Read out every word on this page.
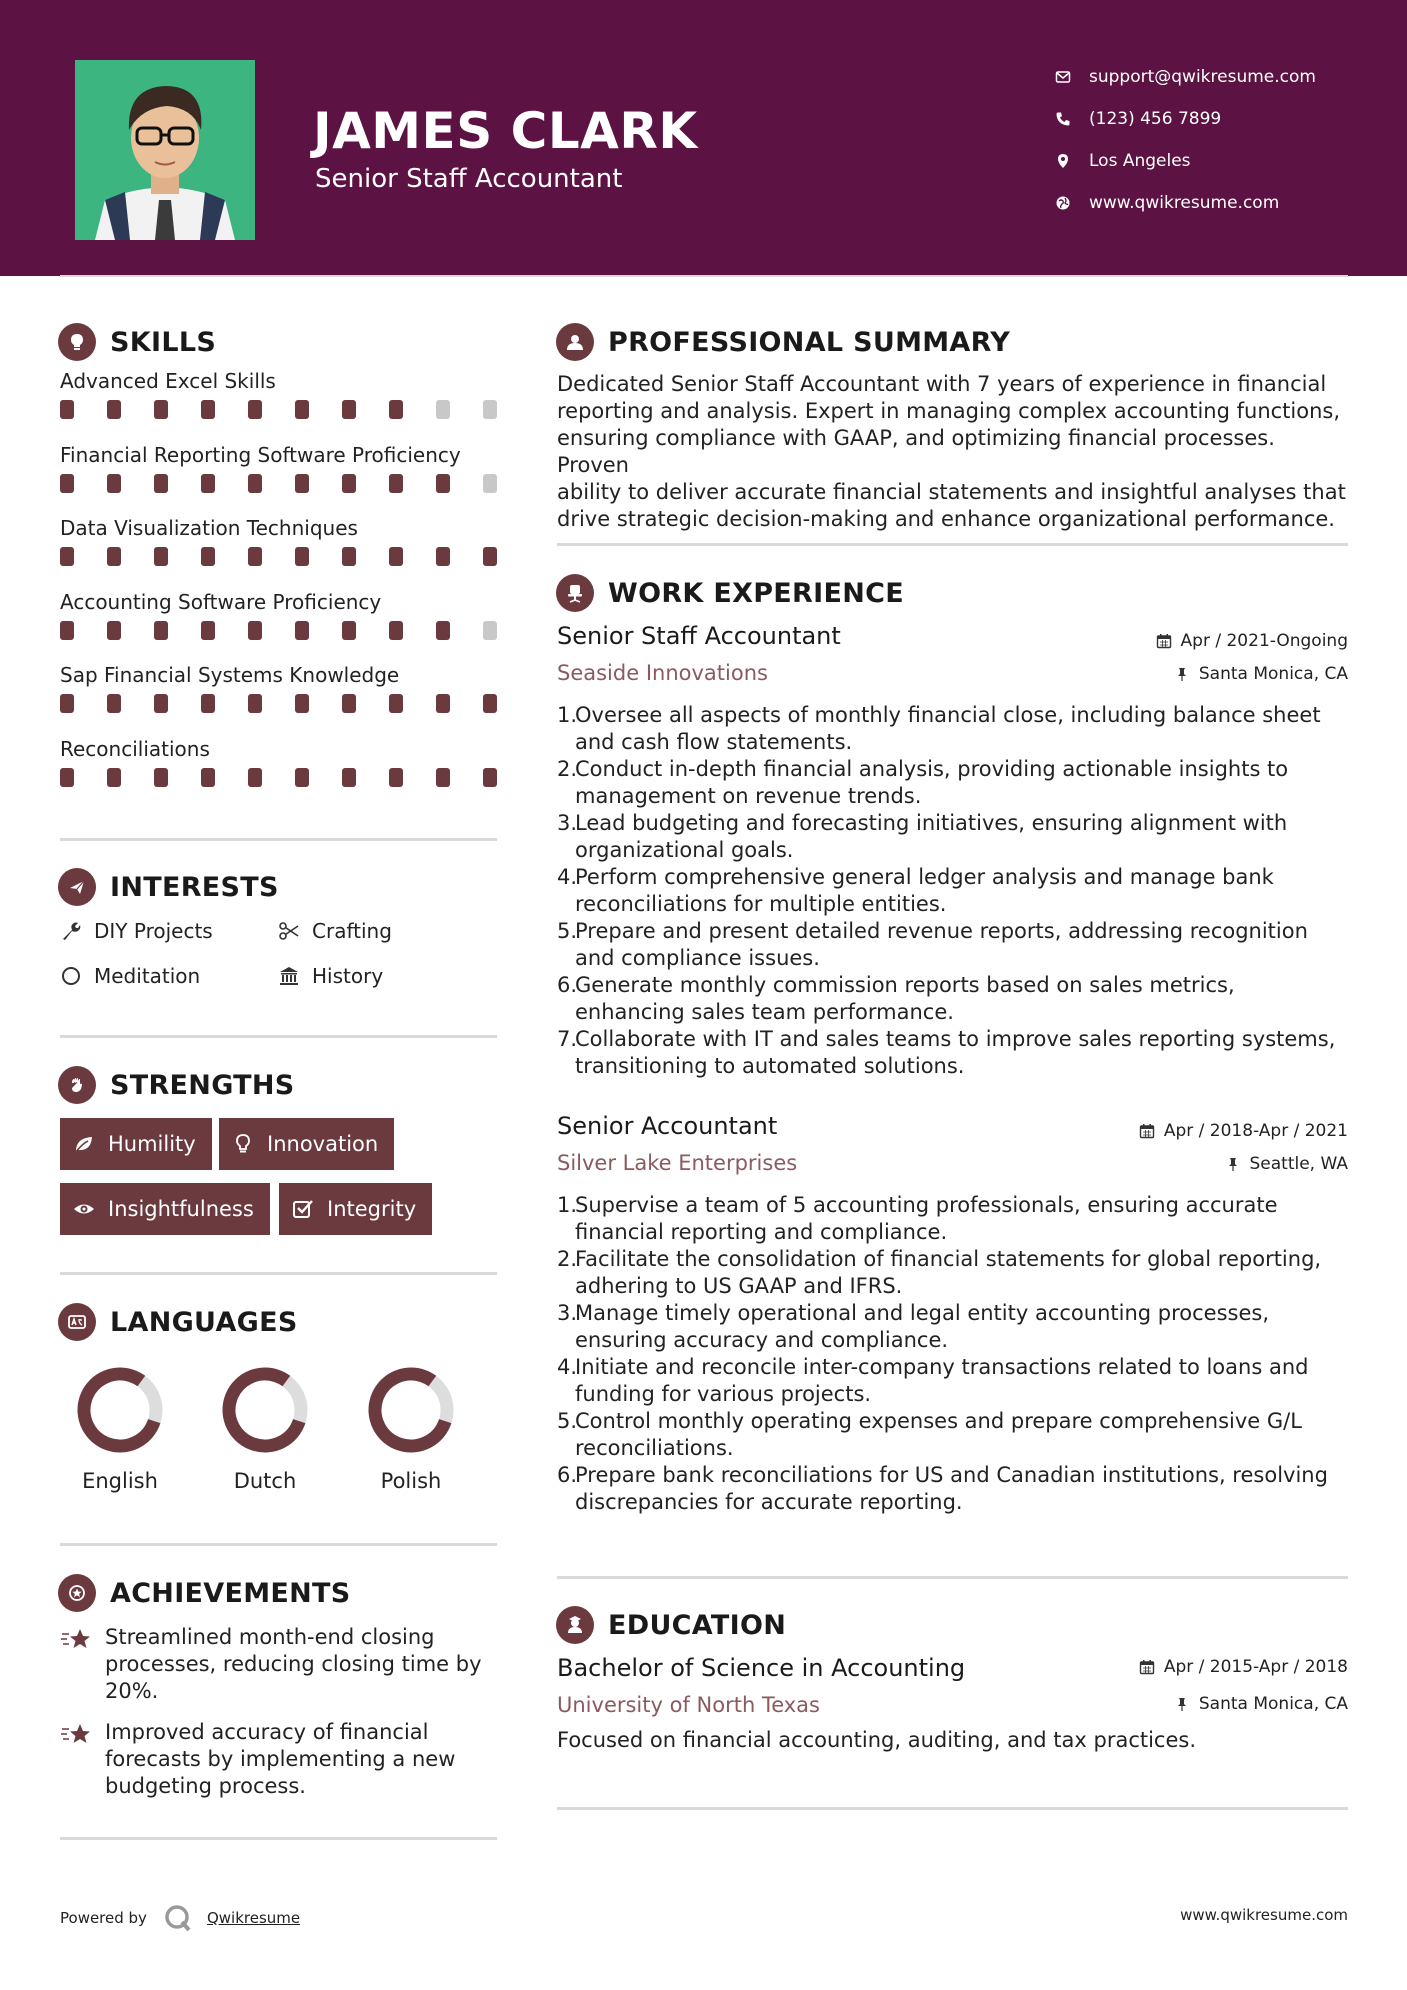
JAMES CLARK
Senior Staff Accountant
support@qwikresume.com
(123) 456 7899
Los Angeles
www.qwikresume.com
SKILLS
Advanced Excel Skills
Financial Reporting Software Proficiency
Data Visualization Techniques
Accounting Software Proficiency
Sap Financial Systems Knowledge
Reconciliations
INTERESTS
DIY Projects	Crafting
Meditation	History
STRENGTHS
Humility	Innovation
Insightfulness	Integrity
LANGUAGES
English	Dutch	Polish
ACHIEVEMENTS
Streamlined month-end closing
processes, reducing closing time by
20%.
Improved accuracy of financial
forecasts by implementing a new
budgeting process.
PROFESSIONAL SUMMARY
Dedicated Senior Staff Accountant with 7 years of experience in financial
reporting and analysis. Expert in managing complex accounting functions,
ensuring compliance with GAAP, and optimizing financial processes. Proven
ability to deliver accurate financial statements and insightful analyses that
drive strategic decision-making and enhance organizational performance.
WORK EXPERIENCE
Senior Staff Accountant
Seaside Innovations
Apr / 2021-Ongoing
Santa Monica, CA
1.
Oversee all aspects of monthly financial close, including balance sheet
and cash flow statements.
2.
Conduct in-depth financial analysis, providing actionable insights to
management on revenue trends.
3.
Lead budgeting and forecasting initiatives, ensuring alignment with
organizational goals.
4.
Perform comprehensive general ledger analysis and manage bank
reconciliations for multiple entities.
5.
Prepare and present detailed revenue reports, addressing recognition
and compliance issues.
6.
Generate monthly commission reports based on sales metrics,
enhancing sales team performance.
7.
Collaborate with IT and sales teams to improve sales reporting systems,
transitioning to automated solutions.
Senior Accountant
Silver Lake Enterprises
Apr / 2018-Apr / 2021
Seattle, WA
1.
Supervise a team of 5 accounting professionals, ensuring accurate
financial reporting and compliance.
2.
Facilitate the consolidation of financial statements for global reporting,
adhering to US GAAP and IFRS.
3.
Manage timely operational and legal entity accounting processes,
ensuring accuracy and compliance.
4.
Initiate and reconcile inter-company transactions related to loans and
funding for various projects.
5.
Control monthly operating expenses and prepare comprehensive G/L
reconciliations.
6.
Prepare bank reconciliations for US and Canadian institutions, resolving
discrepancies for accurate reporting.
EDUCATION
Bachelor of Science in Accounting
University of North Texas
Apr / 2015-Apr / 2018
Santa Monica, CA
Focused on financial accounting, auditing, and tax practices.
Powered by	Qwikresume	www.qwikresume.com
